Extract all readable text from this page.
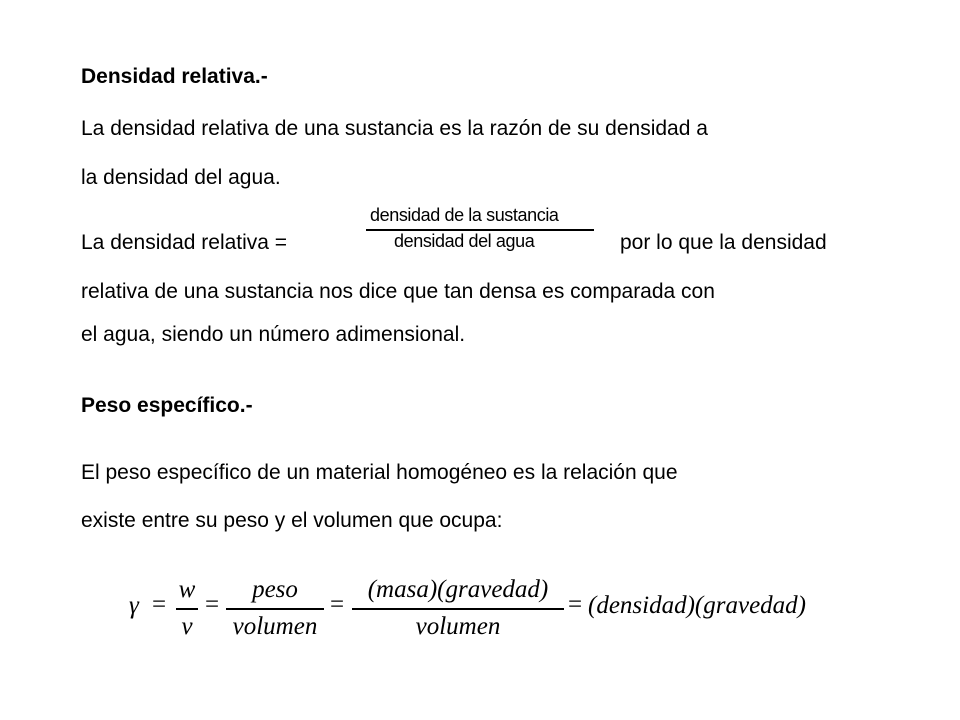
Densidad relativa.-
La densidad relativa de una sustancia es la razón de su densidad a
la densidad del agua.
La densidad relativa =
densidad de la sustancia
densidad del agua	por lo que la densidad
relativa de una sustancia nos dice que tan densa es comparada con
el agua, siendo un número adimensional.
Peso específico.-
El peso específico de un material homogéneo es la relación que
existe entre su peso y el volumen que ocupa:
γ =
w
v
=
peso
volumen
=
(masa)(gravedad)
volumen
= (densidad)(gravedad)
